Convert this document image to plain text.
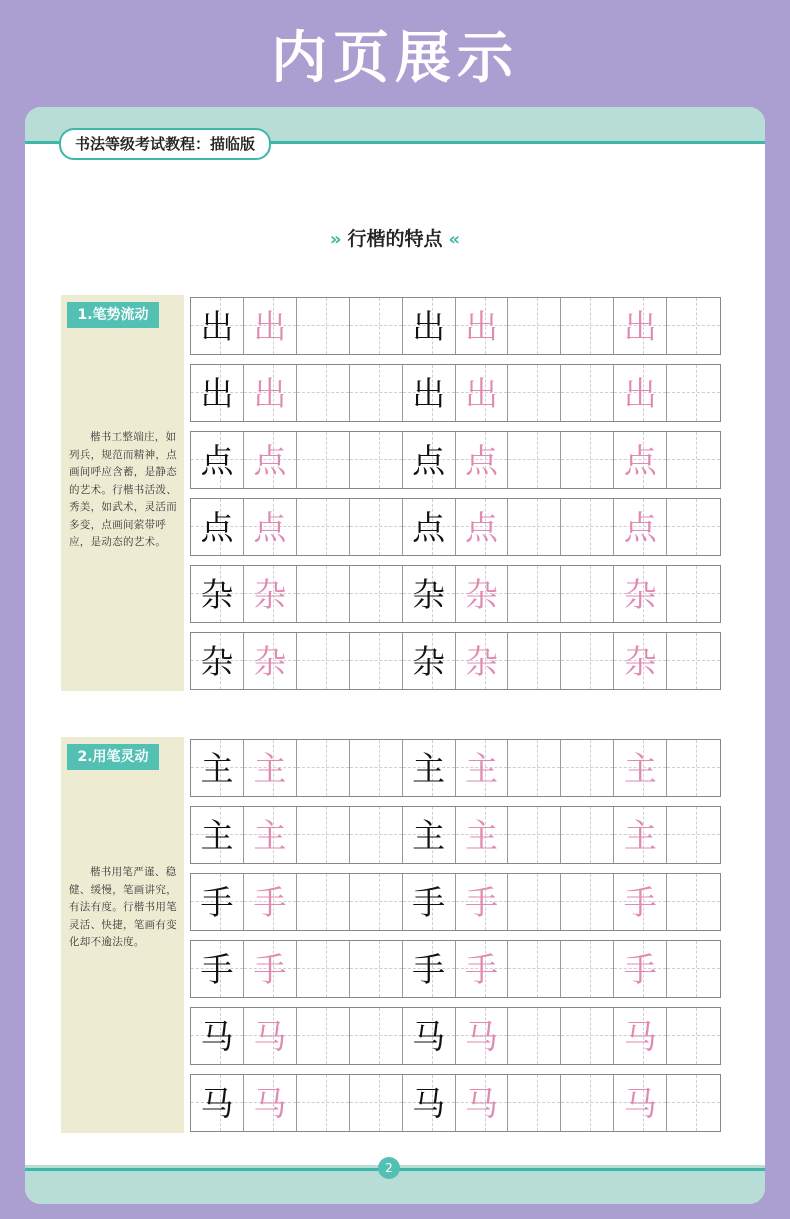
内页展示
书法等级考试教程：描临版
» 行楷的特点 «
1.笔势流动
楷书工整端庄，如列兵，规范而精神，点画间呼应含蓄，是静态的艺术。行楷书活泼、秀美，如武术，灵活而多变，点画间萦带呼应，是动态的艺术。
2.用笔灵动
楷书用笔严谨、稳健、缓慢，笔画讲究，有法有度。行楷书用笔灵活、快捷，笔画有变化却不逾法度。
出 出	出 出	出
出 出	出 出	出
点 点	点 点	点
点 点	点 点	点
杂 杂	杂 杂	杂
杂 杂	杂 杂	杂
主 主	主 主	主
主 主	主 主	主
手 手	手 手	手
手 手	手 手	手
马 马	马 马	马
马 马	马 马	马
2
